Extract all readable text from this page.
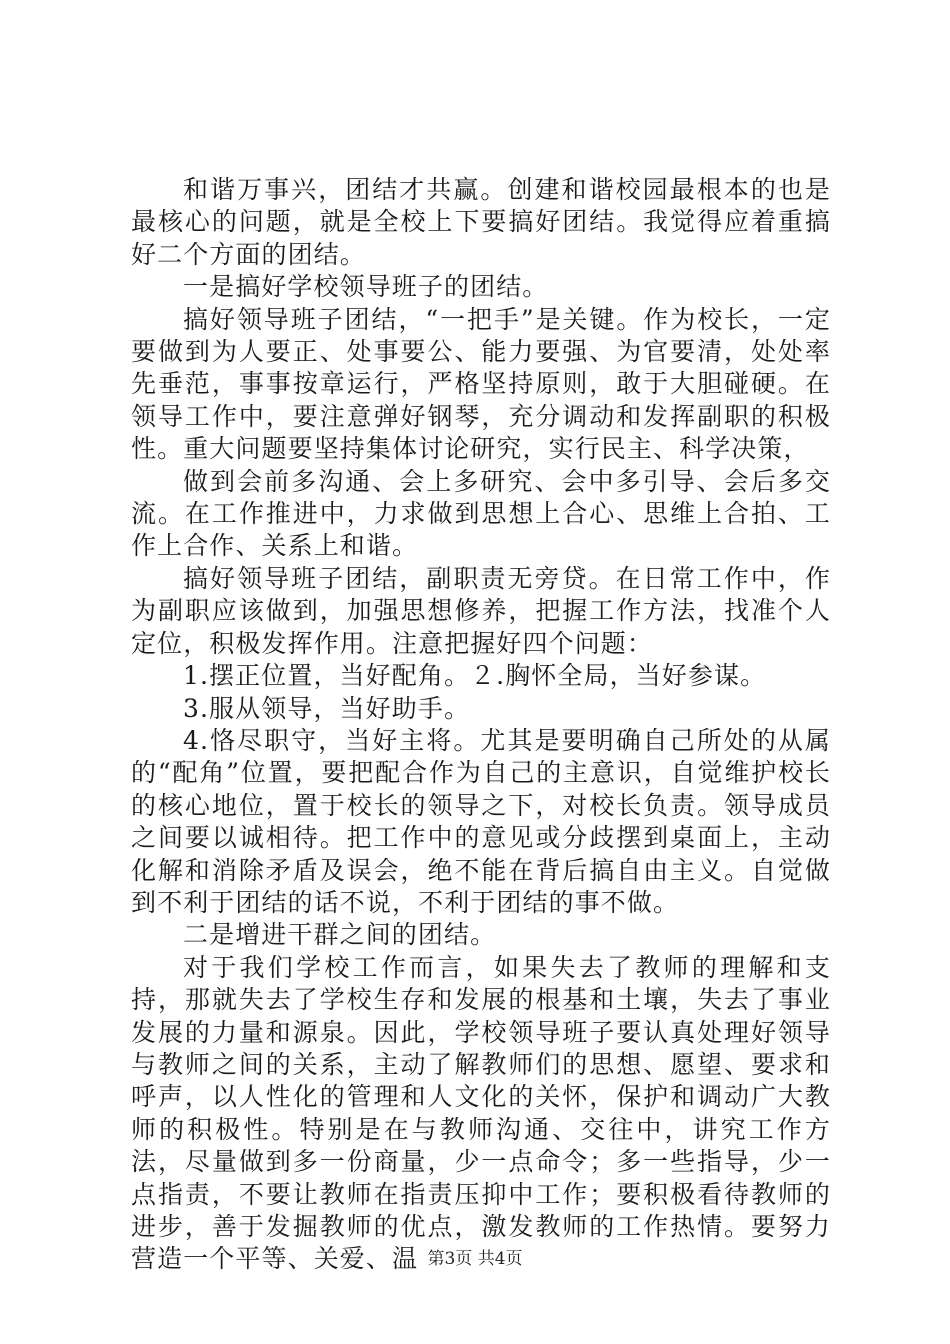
和谐万事兴，团结才共赢。创建和谐校园最根本的也是最核心的问题，就是全校上下要搞好团结。我觉得应着重搞好二个方面的团结。

一是搞好学校领导班子的团结。

搞好领导班子团结，“一把手”是关键。作为校长，一定要做到为人要正、处事要公、能力要强、为官要清，处处率先垂范，事事按章运行，严格坚持原则，敢于大胆碰硬。在领导工作中，要注意弹好钢琴，充分调动和发挥副职的积极性。重大问题要坚持集体讨论研究，实行民主、科学决策，

做到会前多沟通、会上多研究、会中多引导、会后多交流。在工作推进中，力求做到思想上合心、思维上合拍、工作上合作、关系上和谐。

搞好领导班子团结，副职责无旁贷。在日常工作中，作为副职应该做到，加强思想修养，把握工作方法，找准个人定位，积极发挥作用。注意把握好四个问题：

1.摆正位置，当好配角。２.胸怀全局，当好参谋。

3.服从领导，当好助手。

4.恪尽职守，当好主将。尤其是要明确自己所处的从属的“配角”位置，要把配合作为自己的主意识，自觉维护校长的核心地位，置于校长的领导之下，对校长负责。领导成员之间要以诚相待。把工作中的意见或分歧摆到桌面上，主动化解和消除矛盾及误会，绝不能在背后搞自由主义。自觉做到不利于团结的话不说，不利于团结的事不做。

二是增进干群之间的团结。

对于我们学校工作而言，如果失去了教师的理解和支持，那就失去了学校生存和发展的根基和土壤，失去了事业发展的力量和源泉。因此，学校领导班子要认真处理好领导与教师之间的关系，主动了解教师们的思想、愿望、要求和呼声，以人性化的管理和人文化的关怀，保护和调动广大教师的积极性。特别是在与教师沟通、交往中，讲究工作方法，尽量做到多一份商量，少一点命令；多一些指导，少一点指责，不要让教师在指责压抑中工作；要积极看待教师的进步，善于发掘教师的优点，激发教师的工作热情。要努力营造一个平等、关爱、温 第3页 共4页
